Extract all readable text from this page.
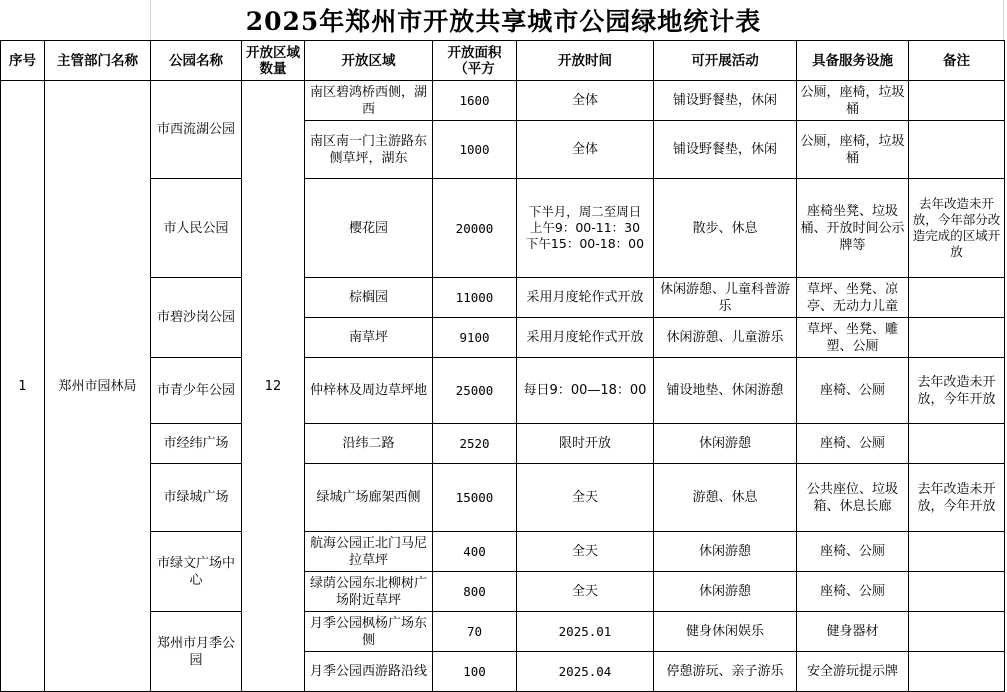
2025年郑州市开放共享城市公园绿地统计表
序号	主管部门名称	公园名称	开放区域数量	开放区域	开放面积（平方	开放时间	可开展活动	具备服务设施	备注
1	郑州市园林局	市西流湖公园	12	南区碧鸿桥西侧，湖西	1600	全体	铺设野餐垫，休闲	公厕，座椅，垃圾桶	
				南区南一门主游路东侧草坪，湖东	1000	全体	铺设野餐垫，休闲	公厕，座椅，垃圾桶	
		市人民公园		樱花园	20000	下半月，周二至周日
上午9：00-11：30
下午15：00-18：00	散步、休息	座椅坐凳、垃圾桶、开放时间公示牌等	去年改造未开放，今年部分改造完成的区域开放
		市碧沙岗公园		棕榈园	11000	采用月度轮作式开放	休闲游憩、儿童科普游乐	草坪、坐凳、凉亭、无动力儿童	
				南草坪	9100	采用月度轮作式开放	休闲游憩、儿童游乐	草坪、坐凳、雕塑、公厕	
		市青少年公园		仲梓林及周边草坪地	25000	每日9：00—18：00	铺设地垫、休闲游憩	座椅、公厕	去年改造未开放，今年开放
		市经纬广场		沿纬二路	2520	限时开放	休闲游憩	座椅、公厕	
		市绿城广场		绿城广场廊架西侧	15000	全天	游憩、休息	公共座位、垃圾箱、休息长廊	去年改造未开放，今年开放
		市绿文广场中心		航海公园正北门马尼拉草坪	400	全天	休闲游憩	座椅、公厕	
				绿荫公园东北柳树广场附近草坪	800	全天	休闲游憩	座椅、公厕	
		郑州市月季公园		月季公园枫杨广场东侧	70	2025.01	健身休闲娱乐	健身器材	
				月季公园西游路沿线	100	2025.04	停憩游玩、亲子游乐	安全游玩提示牌	
